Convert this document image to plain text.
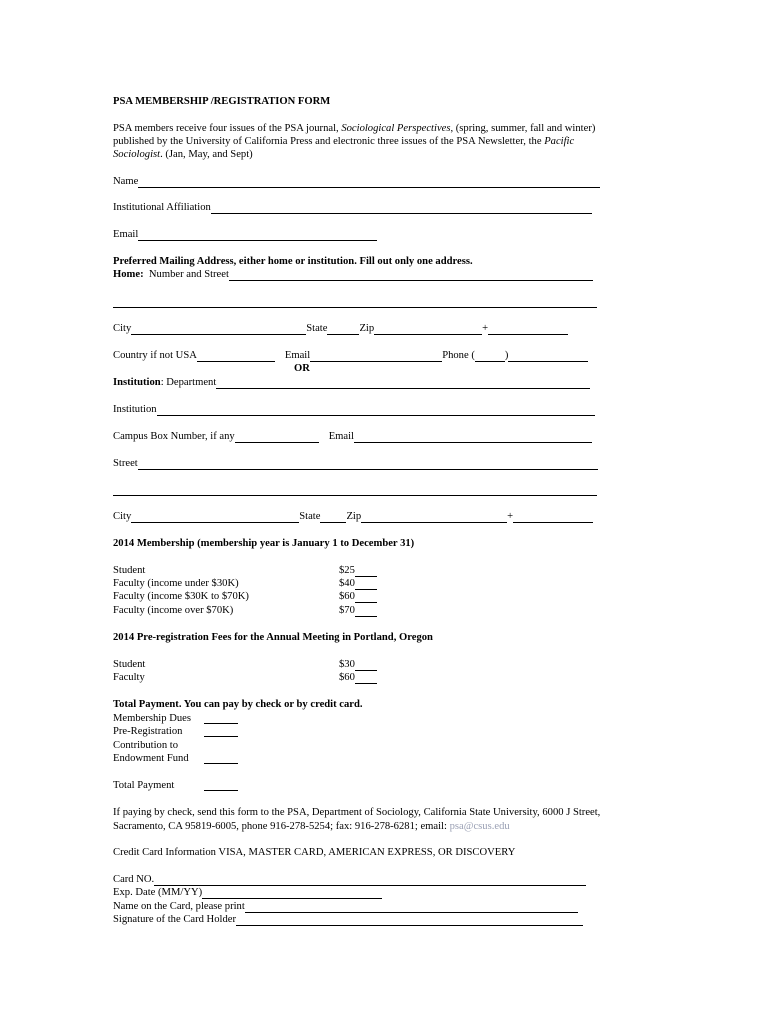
PSA MEMBERSHIP /REGISTRATION FORM
PSA members receive four issues of the PSA journal, Sociological Perspectives, (spring, summer, fall and winter)
published by the University of California Press and electronic three issues of the PSA Newsletter, the Pacific
Sociologist. (Jan, May, and Sept)
Name
Institutional Affiliation
Email
Preferred Mailing Address, either home or institution. Fill out only one address.
Home:
Number and Street
City	State	Zip	+
Country if not USA	Email	Phone (	)
OR
Institution : Department
Institution
Campus Box Number, if any	Email
Street
City	State Zip	+
2014 Membership (membership year is January 1 to December 31)
Student	$25
Faculty (income under $30K)	$40
Faculty (income $30K to $70K)	$60
Faculty (income over $70K)	$70
2014 Pre-registration Fees for the Annual Meeting in Portland, Oregon
Student	$30
Faculty	$60
Total Payment. You can pay by check or by credit card.
Membership Dues
Pre-Registration
Contribution to
Endowment Fund
Total Payment
If paying by check, send this form to the PSA, Department of Sociology, California State University, 6000 J Street,
Sacramento, CA 95819-6005, phone 916-278-5254; fax: 916-278-6281; email: psa@csus.edu
Credit Card Information VISA, MASTER CARD, AMERICAN EXPRESS, OR DISCOVERY
Card NO.
Exp. Date (MM/YY)
Name on the Card, please print
Signature of the Card Holder
